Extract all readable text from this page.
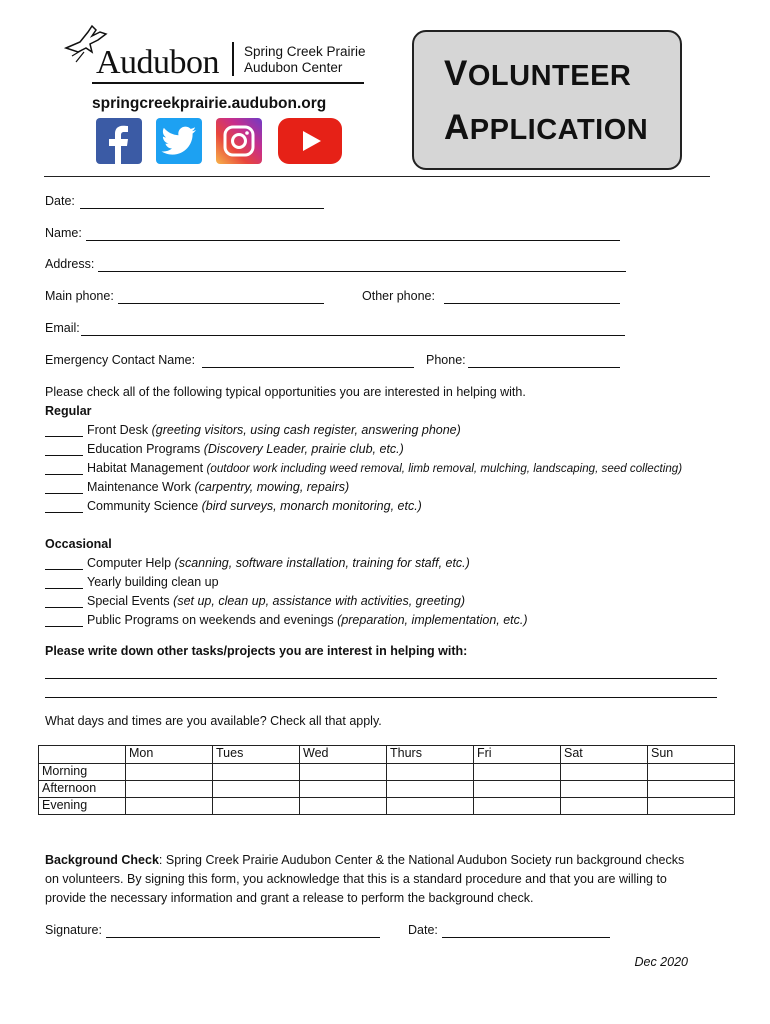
Audubon Spring Creek Prairie
Audubon Center
springcreekprairie.audubon.org
VOLUNTEER
APPLICATION
Date:
Name:
Address:
Main phone:	Other phone:
Email:
Emergency Contact Name:	Phone:
Please check all of the following typical opportunities you are interested in helping with.
Regular
Front Desk (greeting visitors, using cash register, answering phone)
Education Programs (Discovery Leader, prairie club, etc.)
Habitat Management (outdoor work including weed removal, limb removal, mulching, landscaping, seed collecting)
Maintenance Work (carpentry, mowing, repairs)
Community Science (bird surveys, monarch monitoring, etc.)
Occasional
Computer Help (scanning, software installation, training for staff, etc.)
Yearly building clean up
Special Events (set up, clean up, assistance with activities, greeting)
Public Programs on weekends and evenings (preparation, implementation, etc.)
Please write down other tasks/projects you are interest in helping with:
What days and times are you available? Check all that apply.
	Mon	Tues	Wed	Thurs	Fri	Sat	Sun
Morning							
Afternoon							
Evening							
Background Check: Spring Creek Prairie Audubon Center & the National Audubon Society run background checks
on volunteers. By signing this form, you acknowledge that this is a standard procedure and that you are willing to
provide the necessary information and grant a release to perform the background check.
Signature:	Date:
Dec 2020
